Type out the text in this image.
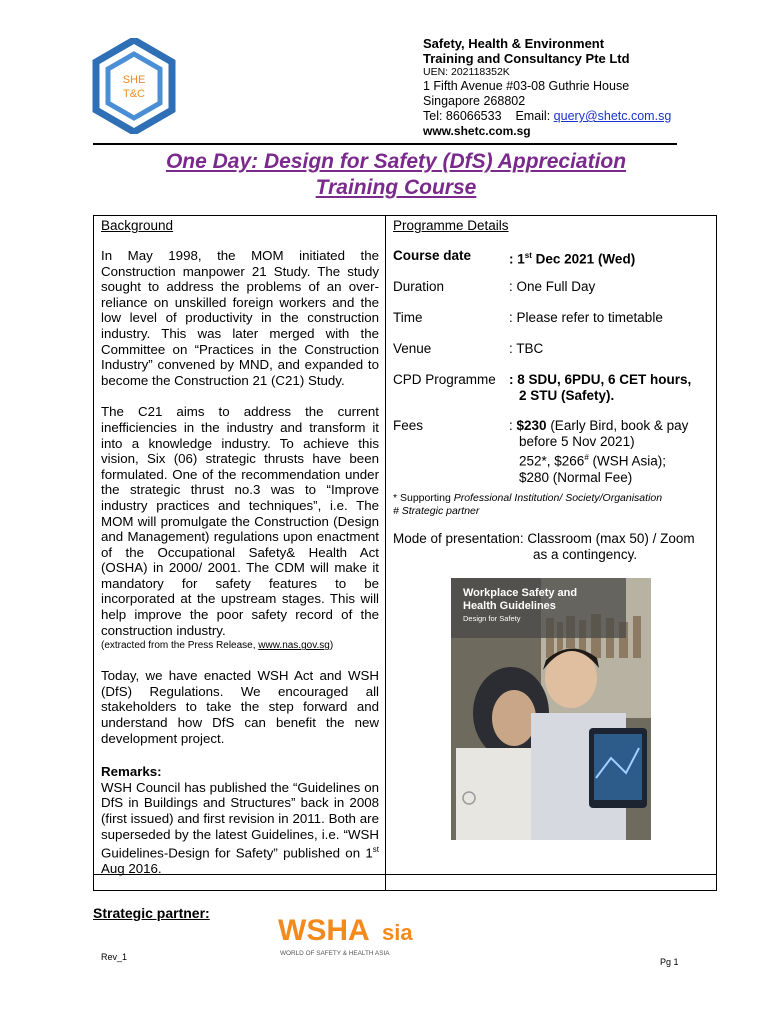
SHE
T&C
Safety, Health & Environment
Training and Consultancy Pte Ltd
UEN: 202118352K
1 Fifth Avenue #03-08 Guthrie House
Singapore 268802
Tel: 86066533 Email: query@shetc.com.sg
www.shetc.com.sg
One Day: Design for Safety (DfS) Appreciation
Training Course
Background	Programme Details

In May 1998, the MOM initiated the Construction manpower 21 Study. The study sought to address the problems of an over-reliance on unskilled foreign workers and the low level of productivity in the construction industry. This was later merged with the Committee on “Practices in the Construction Industry” convened by MND, and expanded to become the Construction 21 (C21) Study.

The C21 aims to address the current inefficiencies in the industry and transform it into a knowledge industry. To achieve this vision, Six (06) strategic thrusts have been formulated. One of the recommendation under the strategic thrust no.3 was to “Improve industry practices and techniques”, i.e. The MOM will promulgate the Construction (Design and Management) regulations upon enactment of the Occupational Safety& Health Act (OSHA) in 2000/ 2001. The CDM will make it mandatory for safety features to be incorporated at the upstream stages. This will help improve the poor safety record of the construction industry.

(extracted from the Press Release, www.nas.gov.sg)

Today, we have enacted WSH Act and WSH (DfS) Regulations. We encouraged all stakeholders to take the step forward and understand how DfS can benefit the new development project.

Remarks:

WSH Council has published the “Guidelines on DfS in Buildings and Structures” back in 2008 (first issued) and first revision in 2011. Both are superseded by the latest Guidelines, i.e. “WSH Guidelines-Design for Safety” published on 1st Aug 2016.

Course date	: 1st Dec 2021 (Wed)
Duration	: One Full Day
Time	: Please refer to timetable
Venue	: TBC
CPD Programme : 8 SDU, 6PDU, 6 CET hours,
2 STU (Safety).
Fees	: $230 (Early Bird, book & pay
before 5 Nov 2021)
252*, $266# (WSH Asia);
$280 (Normal Fee)
* Supporting Professional Institution/ Society/Organisation
# Strategic partner
Mode of presentation: Classroom (max 50) / Zoom
as a contingency.
Workplace Safety and
Health Guidelines
Design for Safety
Strategic partner:
WSHA sia
WORLD OF SAFETY & HEALTH ASIA
Rev_1	Pg 1
